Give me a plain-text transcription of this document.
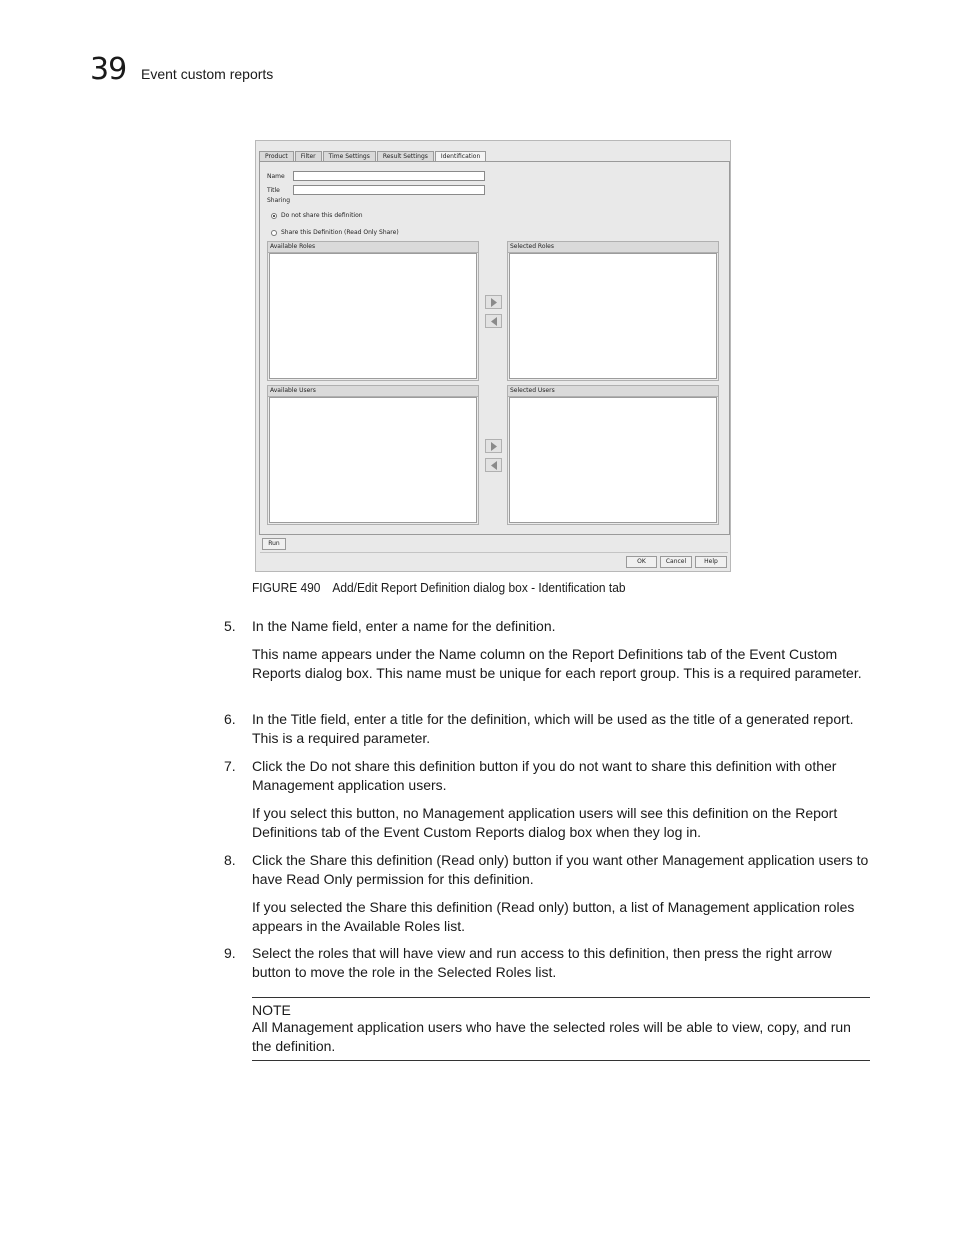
39 Event custom reports
Product	Filter	Time Settings	Result Settings	Identification
Name
Title
Sharing
Do not share this definition
Share this Definition (Read Only Share)
Available Roles	Selected Roles
Available Users	Selected Users
Run
OK	Cancel	Help
FIGURE 490 Add/Edit Report Definition dialog box - Identification tab
5. In the Name field, enter a name for the definition.
This name appears under the Name column on the Report Definitions tab of the Event Custom Reports dialog box. This name must be unique for each report group. This is a required parameter.
6. In the Title field, enter a title for the definition, which will be used as the title of a generated report. This is a required parameter.
7. Click the Do not share this definition button if you do not want to share this definition with other Management application users.
If you select this button, no Management application users will see this definition on the Report Definitions tab of the Event Custom Reports dialog box when they log in.
8. Click the Share this definition (Read only) button if you want other Management application users to have Read Only permission for this definition.
If you selected the Share this definition (Read only) button, a list of Management application roles appears in the Available Roles list.
9. Select the roles that will have view and run access to this definition, then press the right arrow button to move the role in the Selected Roles list.
NOTE
All Management application users who have the selected roles will be able to view, copy, and run the definition.
